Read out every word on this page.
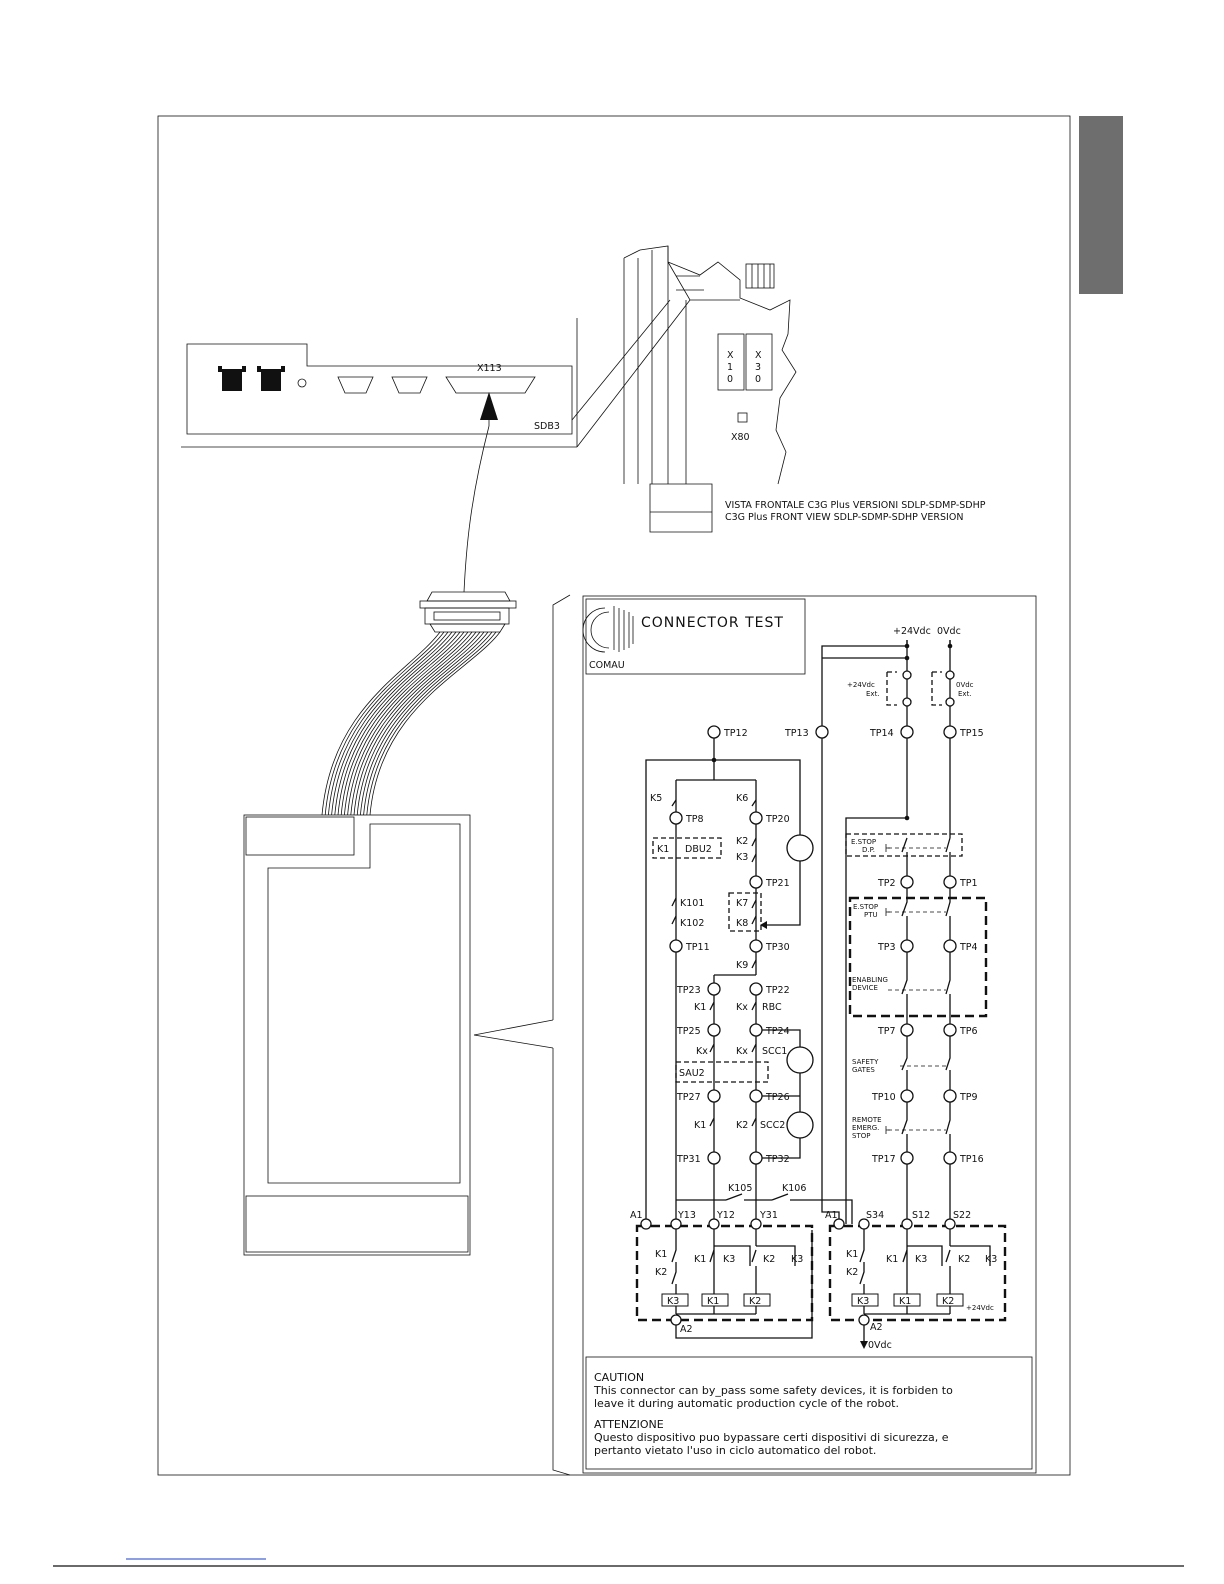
X113
SDB3
X 1 0
X 3 0
X80
VISTA FRONTALE C3G Plus VERSIONI SDLP-SDMP-SDHP
C3G Plus FRONT VIEW SDLP-SDMP-SDHP VERSION
CONNECTOR TEST
COMAU
+24Vdc 0Vdc
+24Vdc
Ext.
0Vdc
Ext.
TP12	TP13	TP14	TP15
K5	K6
TP8	TP20
K2
K3
K1 DBU2
TP21
K101
K102
K7
K8
TP11	TP30
K9
TP23	TP22
K1	Kx RBC
TP25	TP24
Kx	Kx SCC1
SAU2
TP27	TP26
K1	K2 SCC2
TP31	TP32
K105	K106
E.STOP
D.P.
TP2	TP1
E.STOP
PTU
TP3	TP4
ENABLING
DEVICE
TP7	TP6
SAFETY
GATES
TP10	TP9
REMOTE
EMERG.
STOP
TP17	TP16
A1	Y13 Y12	Y31	A1	S34	S12 S22
K1
K2
K1 K3	K2 K3
K3	K1	K2
A2
K1
K2
K1 K3	K2 K3
K3	K1	K2
+24Vdc
A2
0Vdc
CAUTION
This connector can by_pass some safety devices, it is forbiden to
leave it during automatic production cycle of the robot.
ATTENZIONE
Questo dispositivo puo bypassare certi dispositivi di sicurezza, e
pertanto vietato l'uso in ciclo automatico del robot.
